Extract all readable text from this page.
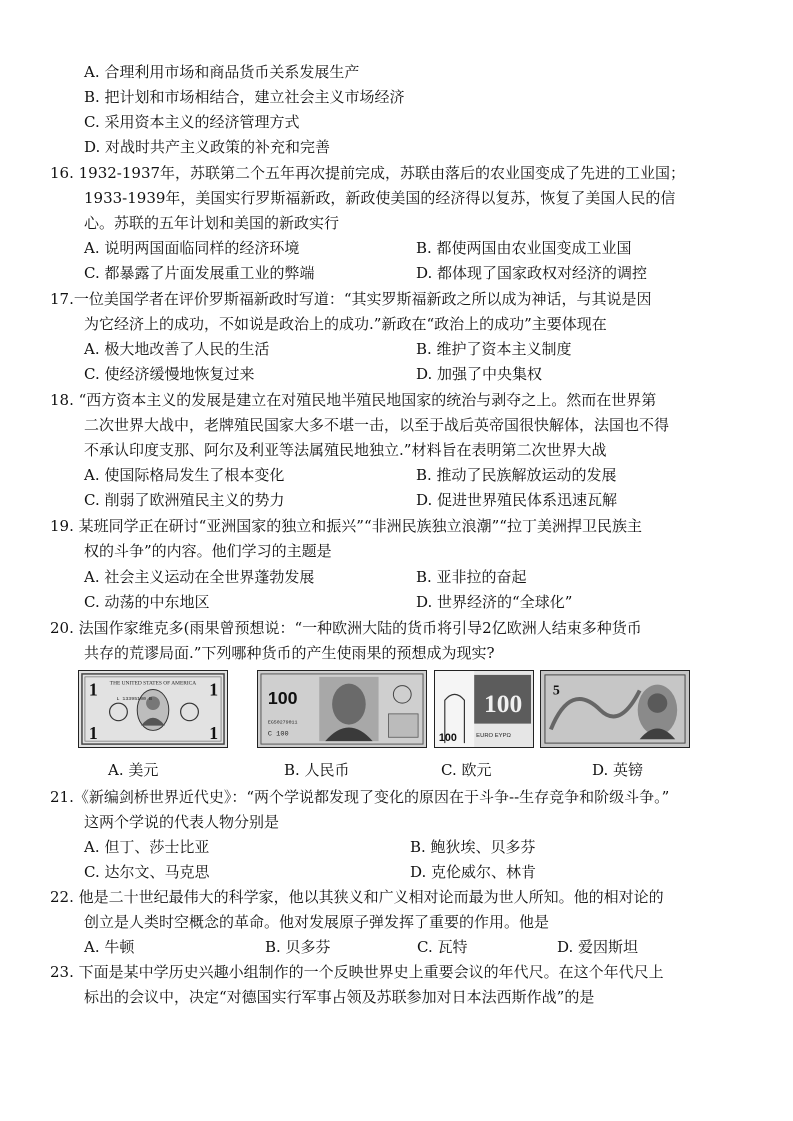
A. 合理利用市场和商品货币关系发展生产
B. 把计划和市场相结合，建立社会主义市场经济
C. 采用资本主义的经济管理方式
D. 对战时共产主义政策的补充和完善
16. 1932-1937年，苏联第二个五年再次提前完成，苏联由落后的农业国变成了先进的工业国；
1933-1939年，美国实行罗斯福新政，新政使美国的经济得以复苏，恢复了美国人民的信
心。苏联的五年计划和美国的新政实行
A. 说明两国面临同样的经济环境	B. 都使两国由农业国变成工业国
C. 都暴露了片面发展重工业的弊端	D. 都体现了国家政权对经济的调控
17.一位美国学者在评价罗斯福新政时写道：“其实罗斯福新政之所以成为神话，与其说是因
为它经济上的成功，不如说是政治上的成功.”新政在“政治上的成功”主要体现在
A. 极大地改善了人民的生活	B. 维护了资本主义制度
C. 使经济缓慢地恢复过来	D. 加强了中央集权
18. “西方资本主义的发展是建立在对殖民地半殖民地国家的统治与剥夺之上。然而在世界第
二次世界大战中，老牌殖民国家大多不堪一击，以至于战后英帝国很快解体，法国也不得
不承认印度支那、阿尔及利亚等法属殖民地独立.”材料旨在表明第二次世界大战
A. 使国际格局发生了根本变化	B. 推动了民族解放运动的发展
C. 削弱了欧洲殖民主义的势力	D. 促进世界殖民体系迅速瓦解
19. 某班同学正在研讨“亚洲国家的独立和振兴”“非洲民族独立浪潮”“拉丁美洲捍卫民族主
权的斗争”的内容。他们学习的主题是
A. 社会主义运动在全世界蓬勃发展	B. 亚非拉的奋起
C. 动荡的中东地区	D. 世界经济的“全球化”
20. 法国作家维克多(雨果曾预想说：“一种欧洲大陆的货币将引导2亿欧洲人结束多种货币
共存的荒谬局面.”下列哪种货币的产生使雨果的预想成为现实?
1	1
1	1
THE UNITED STATES OF AMERICA
L 13395100 B	100
EG50279011
C 100
100
100	EURO ΕΥΡΩ
5
A. 美元	B. 人民币	C. 欧元	D. 英镑
21.《新编剑桥世界近代史》：“两个学说都发现了变化的原因在于斗争--生存竞争和阶级斗争。”
这两个学说的代表人物分别是
A. 但丁、莎士比亚	B. 鲍狄埃、贝多芬
C. 达尔文、马克思	D. 克伦威尔、林肯
22. 他是二十世纪最伟大的科学家，他以其狭义和广义相对论而最为世人所知。他的相对论的
创立是人类时空概念的革命。他对发展原子弹发挥了重要的作用。他是
A. 牛顿	B. 贝多芬	C. 瓦特	D. 爱因斯坦
23. 下面是某中学历史兴趣小组制作的一个反映世界史上重要会议的年代尺。在这个年代尺上
标出的会议中，决定“对德国实行军事占领及苏联参加对日本法西斯作战”的是
